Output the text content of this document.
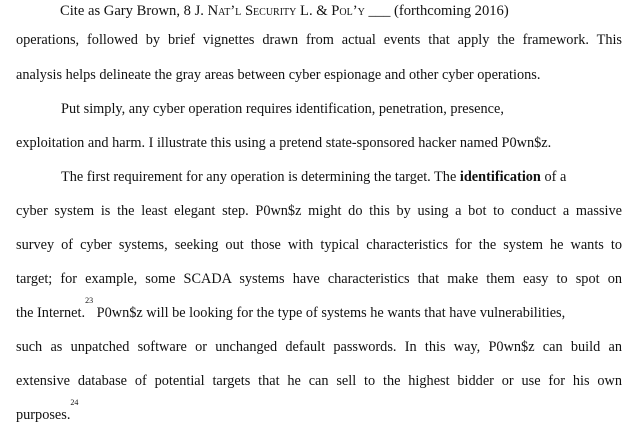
Cite as Gary Brown, 8 J. Nat’l Security L. & Pol’y ___ (forthcoming 2016)
operations, followed by brief vignettes drawn from actual events that apply the framework. This
analysis helps delineate the gray areas between cyber espionage and other cyber operations.
Put simply, any cyber operation requires identification, penetration, presence,
exploitation and harm. I illustrate this using a pretend state-sponsored hacker named P0wn$z.
The first requirement for any operation is determining the target. The identification of a
cyber system is the least elegant step. P0wn$z might do this by using a bot to conduct a massive
survey of cyber systems, seeking out those with typical characteristics for the system he wants to
target; for example, some SCADA systems have characteristics that make them easy to spot on
the Internet.$^{23}$ P0wn$z will be looking for the type of systems he wants that have vulnerabilities,
such as unpatched software or unchanged default passwords. In this way, P0wn$z can build an
extensive database of potential targets that he can sell to the highest bidder or use for his own
purposes.$^{24}$
